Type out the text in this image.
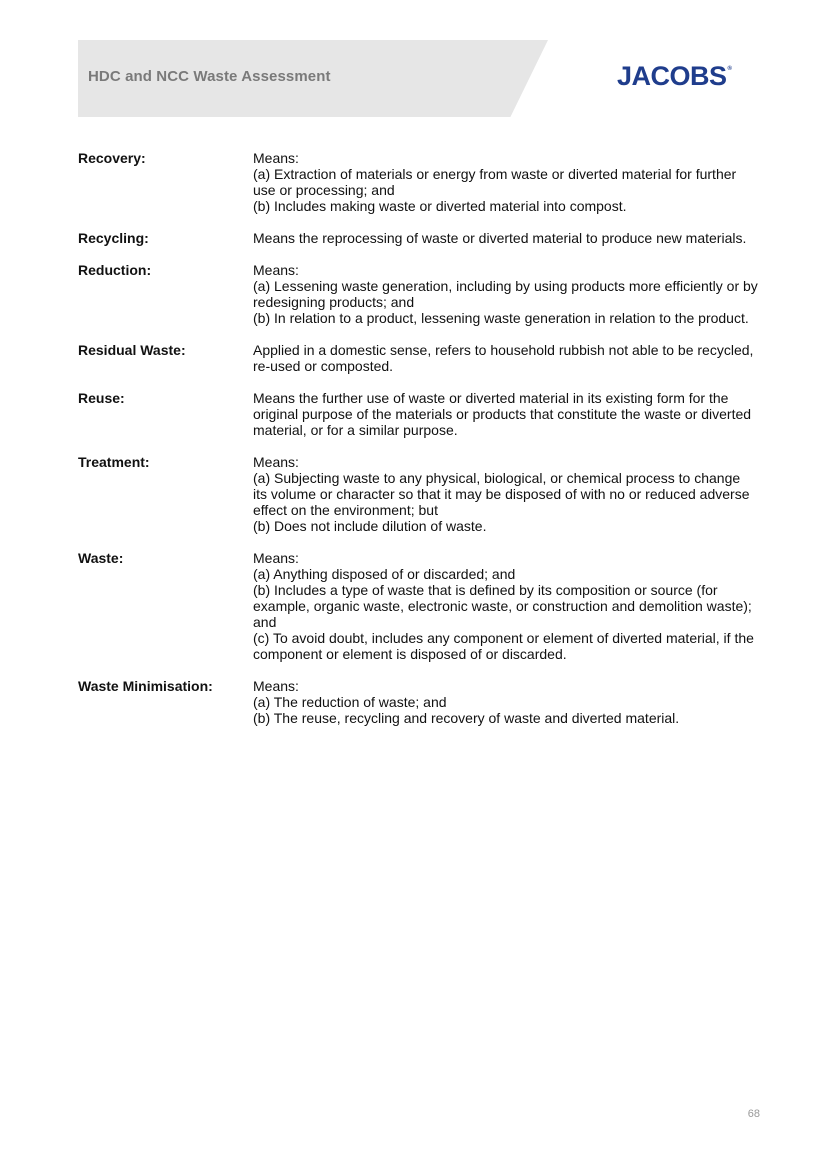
HDC and NCC Waste Assessment	JACOBS®
Recovery:	Means:
(a) Extraction of materials or energy from waste or diverted material for further use or processing; and
(b) Includes making waste or diverted material into compost.
Recycling:	Means the reprocessing of waste or diverted material to produce new materials.
Reduction:	Means:
(a) Lessening waste generation, including by using products more efficiently or by redesigning products; and
(b) In relation to a product, lessening waste generation in relation to the product.
Residual Waste:	Applied in a domestic sense, refers to household rubbish not able to be recycled, re-used or composted.
Reuse:	Means the further use of waste or diverted material in its existing form for the original purpose of the materials or products that constitute the waste or diverted material, or for a similar purpose.
Treatment:	Means:
(a) Subjecting waste to any physical, biological, or chemical process to change its volume or character so that it may be disposed of with no or reduced adverse effect on the environment; but
(b) Does not include dilution of waste.
Waste:	Means:
(a) Anything disposed of or discarded; and
(b) Includes a type of waste that is defined by its composition or source (for example, organic waste, electronic waste, or construction and demolition waste); and
(c) To avoid doubt, includes any component or element of diverted material, if the component or element is disposed of or discarded.
Waste Minimisation:	Means:
(a) The reduction of waste; and
(b) The reuse, recycling and recovery of waste and diverted material.
68
